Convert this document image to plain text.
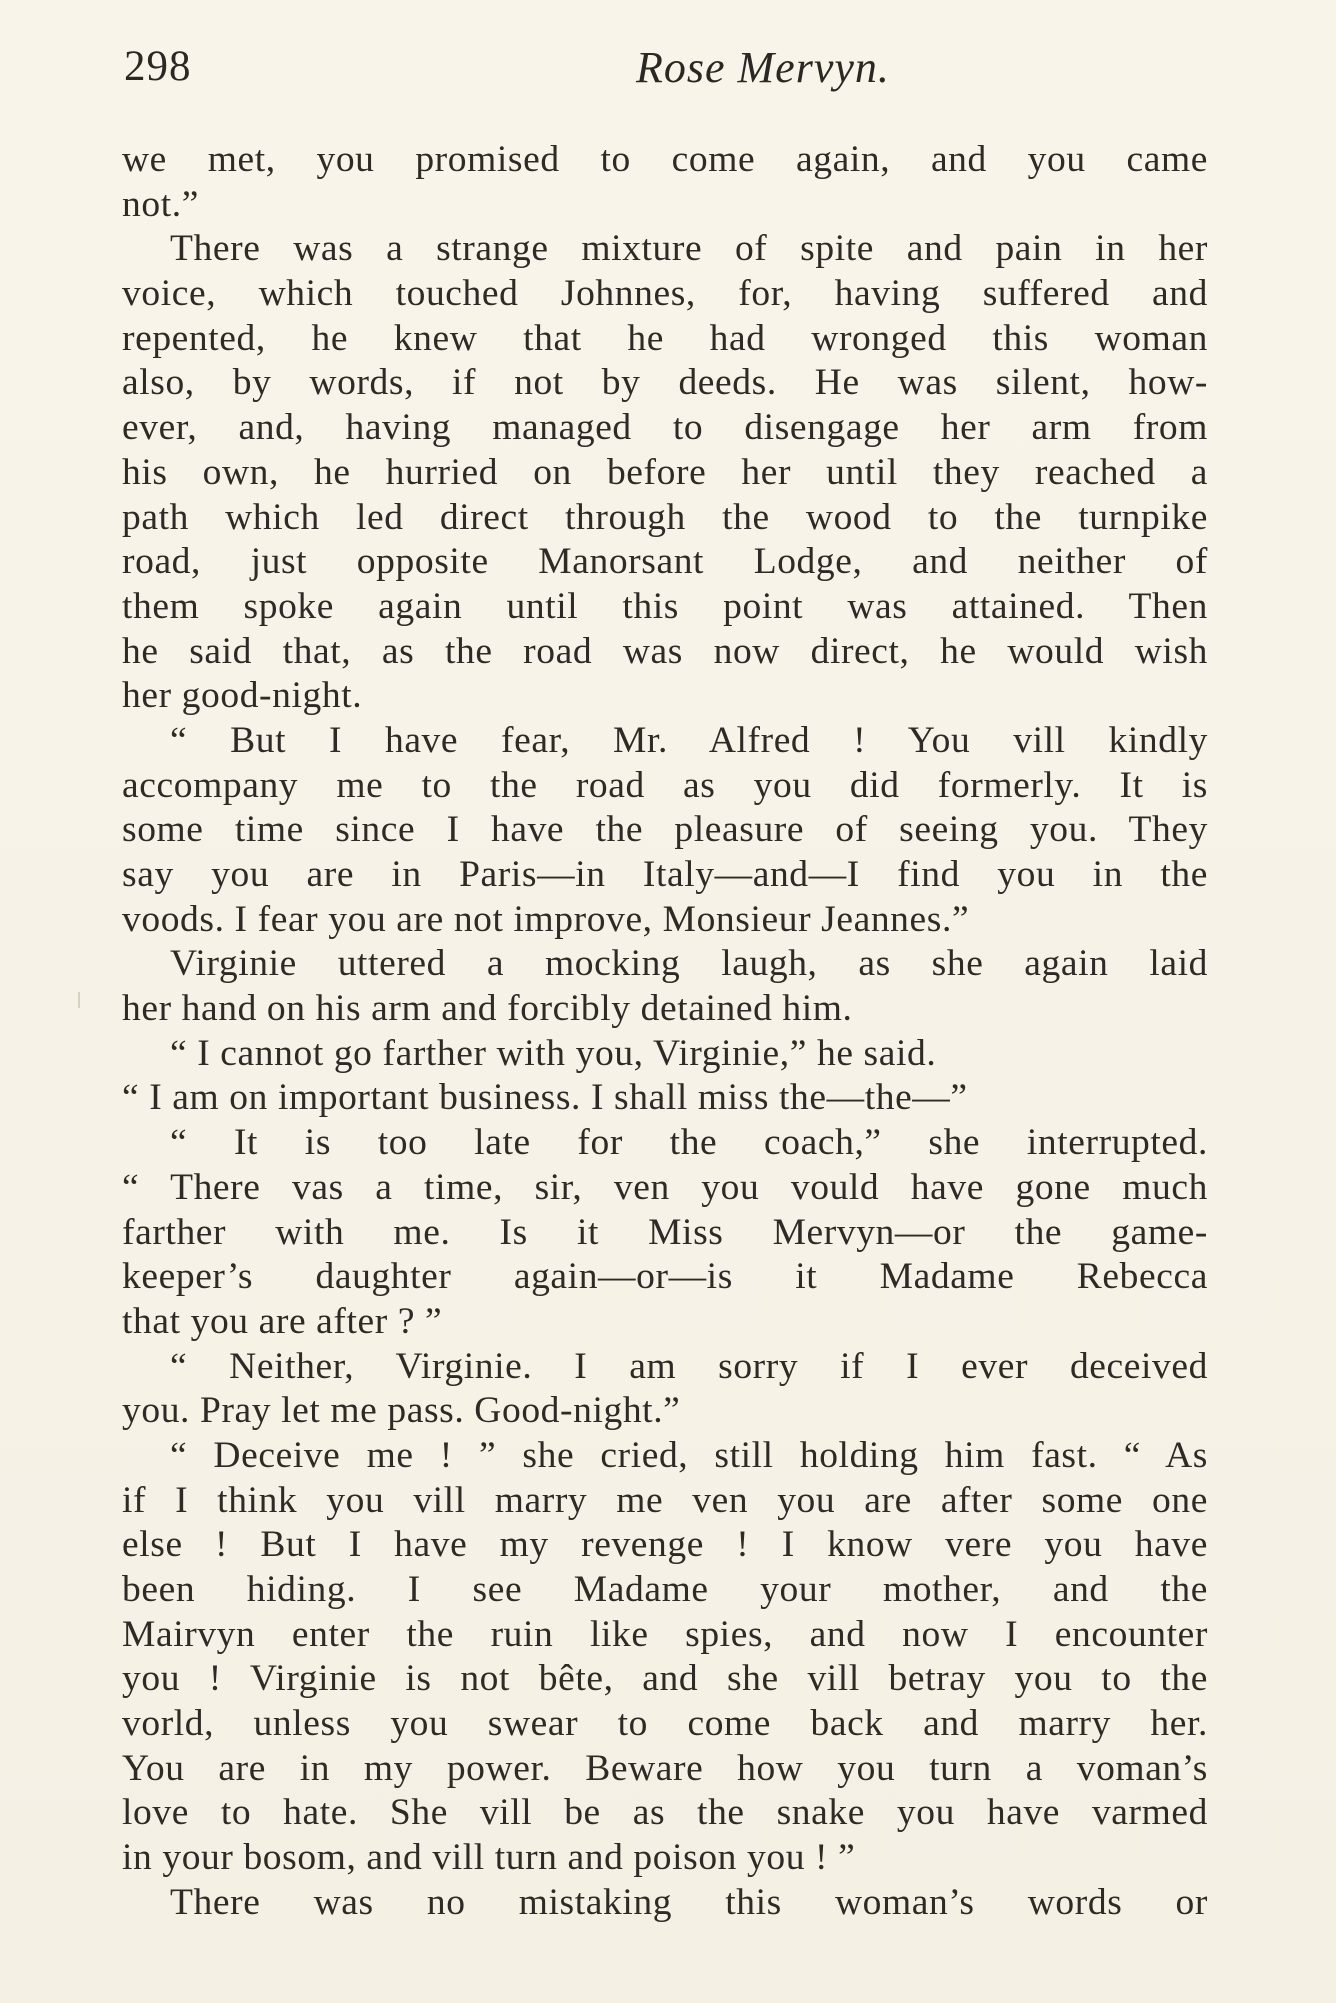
298	Rose Mervyn.
we met, you promised to come again, and you came
not.”
There was a strange mixture of spite and pain in her
voice, which touched Johnnes, for, having suffered and
repented, he knew that he had wronged this woman
also, by words, if not by deeds. He was silent, how-
ever, and, having managed to disengage her arm from
his own, he hurried on before her until they reached a
path which led direct through the wood to the turnpike
road, just opposite Manorsant Lodge, and neither of
them spoke again until this point was attained. Then
he said that, as the road was now direct, he would wish
her good-night.
“ But I have fear, Mr. Alfred ! You vill kindly
accompany me to the road as you did formerly. It is
some time since I have the pleasure of seeing you. They
say you are in Paris—in Italy—and—I find you in the
voods. I fear you are not improve, Monsieur Jeannes.”
Virginie uttered a mocking laugh, as she again laid
her hand on his arm and forcibly detained him.
“ I cannot go farther with you, Virginie,” he said.
“ I am on important business. I shall miss the—the—”
“ It is too late for the coach,” she interrupted.
“ There vas a time, sir, ven you vould have gone much
farther with me. Is it Miss Mervyn—or the game-
keeper’s daughter again—or—is it Madame Rebecca
that you are after ? ”
“ Neither, Virginie. I am sorry if I ever deceived
you. Pray let me pass. Good-night.”
“ Deceive me ! ” she cried, still holding him fast. “ As
if I think you vill marry me ven you are after some one
else ! But I have my revenge ! I know vere you have
been hiding. I see Madame your mother, and the
Mairvyn enter the ruin like spies, and now I encounter
you ! Virginie is not bête, and she vill betray you to the
vorld, unless you swear to come back and marry her.
You are in my power. Beware how you turn a voman’s
love to hate. She vill be as the snake you have varmed
in your bosom, and vill turn and poison you ! ”
There was no mistaking this woman’s words or
